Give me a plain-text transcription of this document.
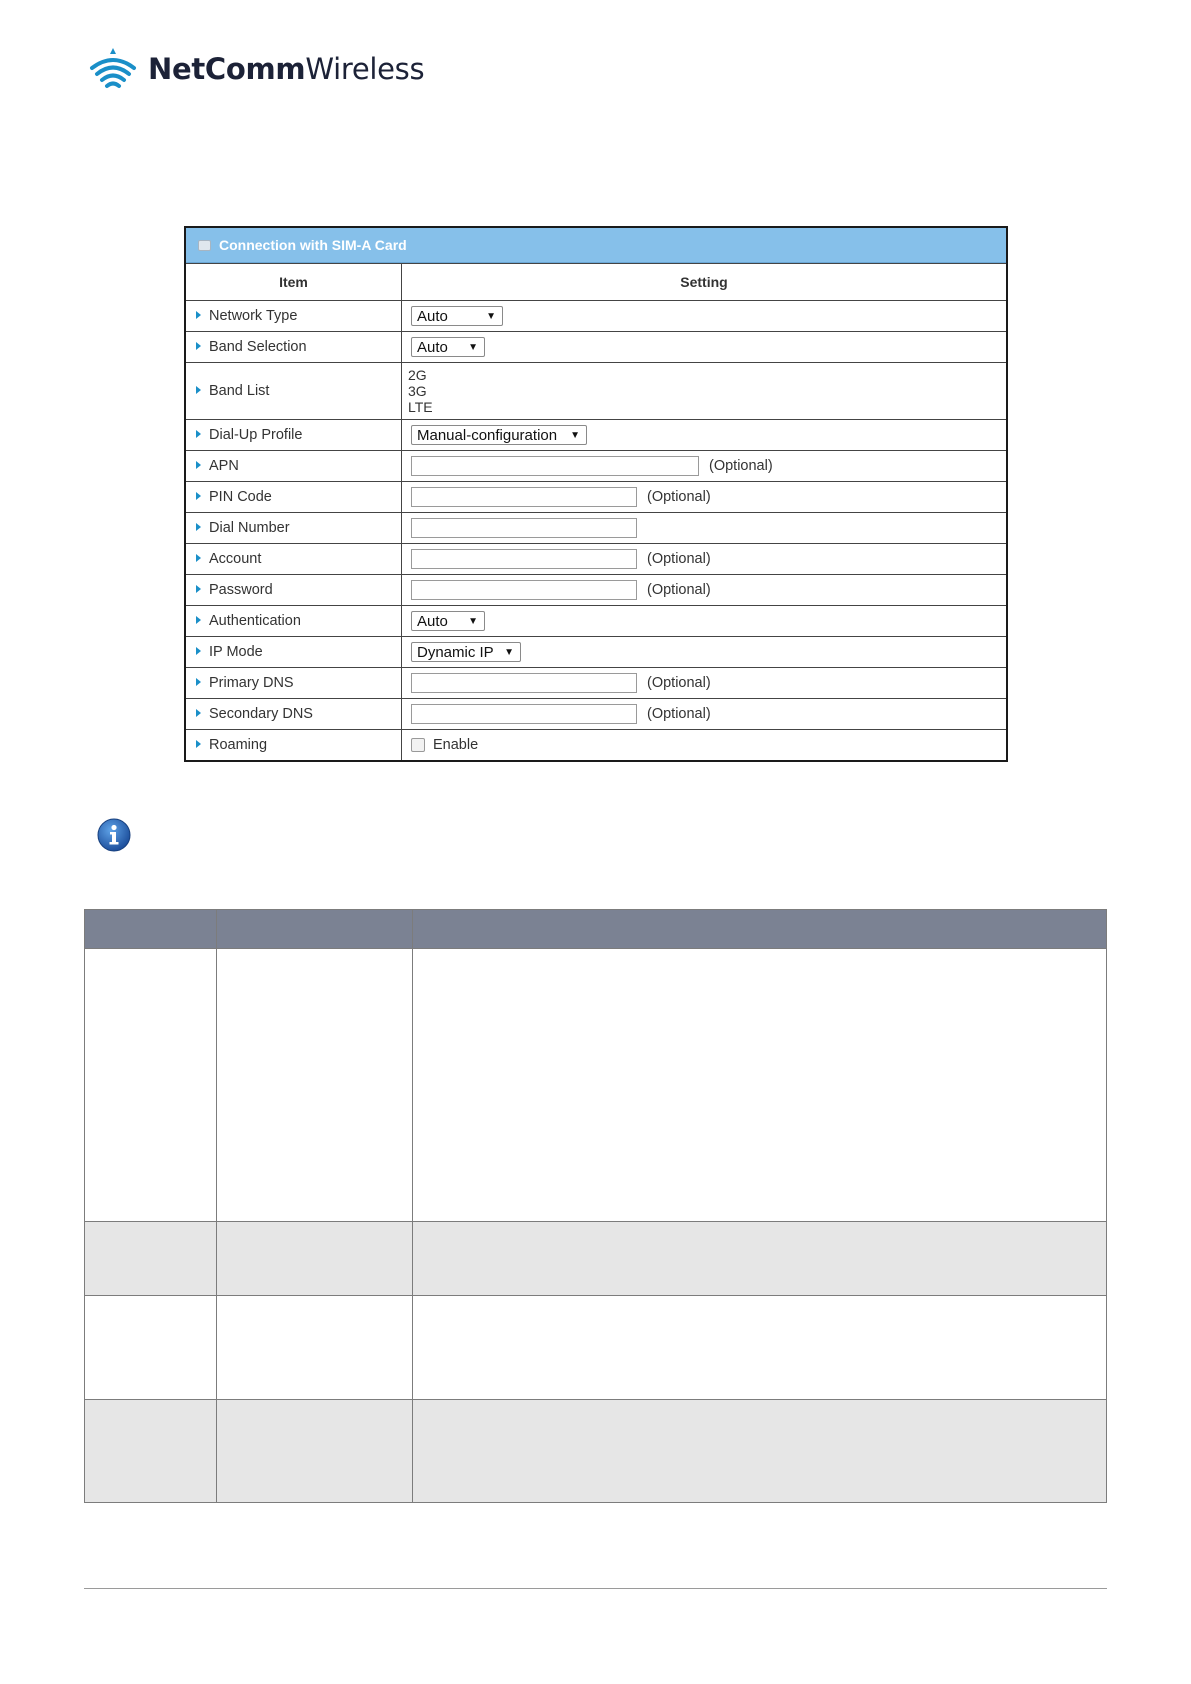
NetCommWireless
Connection with SIM-A Card
Item	Setting
Network Type	Auto ▼

Band Selection	Auto ▼

Band List	2G
3G
LTE

Dial-Up Profile	Manual-configuration ▼

APN	(Optional)
PIN Code	(Optional)
Dial Number	
Account	(Optional)
Password	(Optional)
Authentication	Auto ▼

IP Mode	Dynamic IP ▼

Primary DNS	(Optional)
Secondary DNS	(Optional)
Roaming	Enable
